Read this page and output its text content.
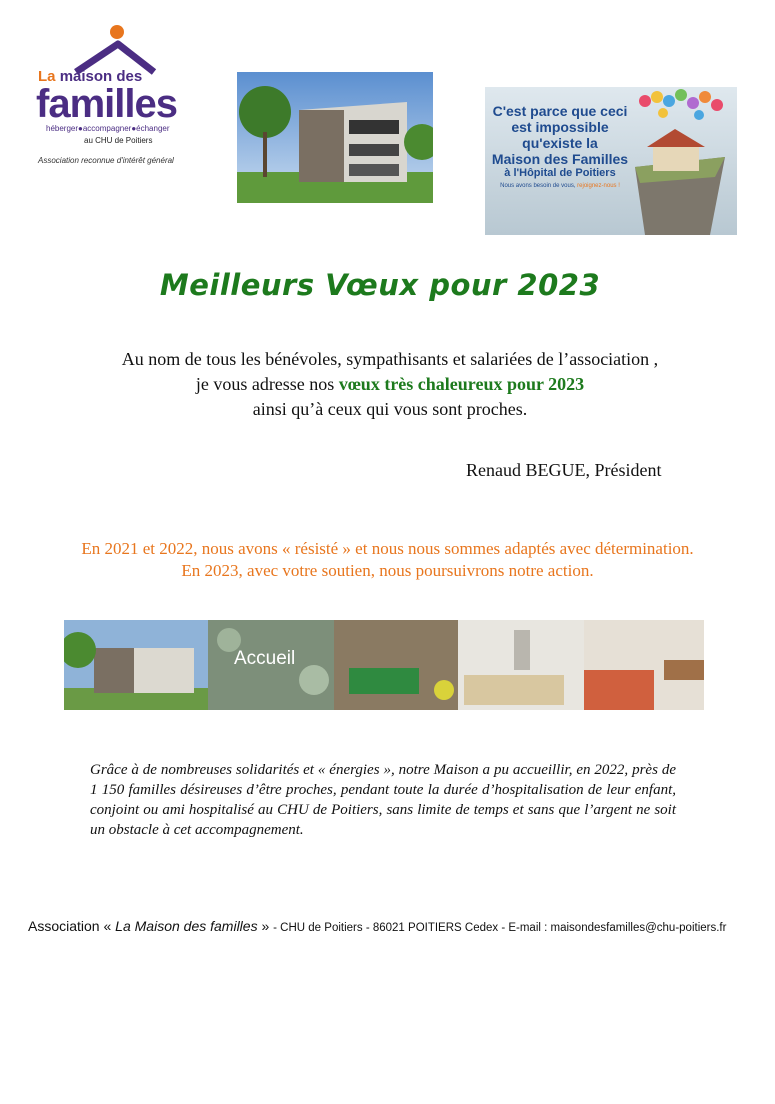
La maison des
familles
héberger●accompagner●échanger
au CHU de Poitiers
Association reconnue d'intérêt général
C'est parce que ceci
est impossible
qu'existe la
Maison des Familles
à l'Hôpital de Poitiers
Nous avons besoin de vous, rejoignez-nous !
Meilleurs Vœux pour 2023
Au nom de tous les bénévoles, sympathisants et salariées de l’association ,
je vous adresse nos vœux très chaleureux pour 2023
ainsi qu’à ceux qui vous sont proches.
Renaud BEGUE, Président
En 2021 et 2022, nous avons « résisté » et nous nous sommes adaptés avec détermination.
En 2023, avec votre soutien, nous poursuivrons notre action.
Accueil
Grâce à de nombreuses solidarités et « énergies », notre Maison a pu accueillir, en 2022, près de 1 150 familles désireuses d’être proches, pendant toute la durée d’hospitalisation de leur enfant, conjoint ou ami hospitalisé au CHU de Poitiers, sans limite de temps et sans que l’argent ne soit un obstacle à cet accompagnement.
Association « La Maison des familles » - CHU de Poitiers - 86021 POITIERS Cedex - E-mail : maisondesfamilles@chu-poitiers.fr
